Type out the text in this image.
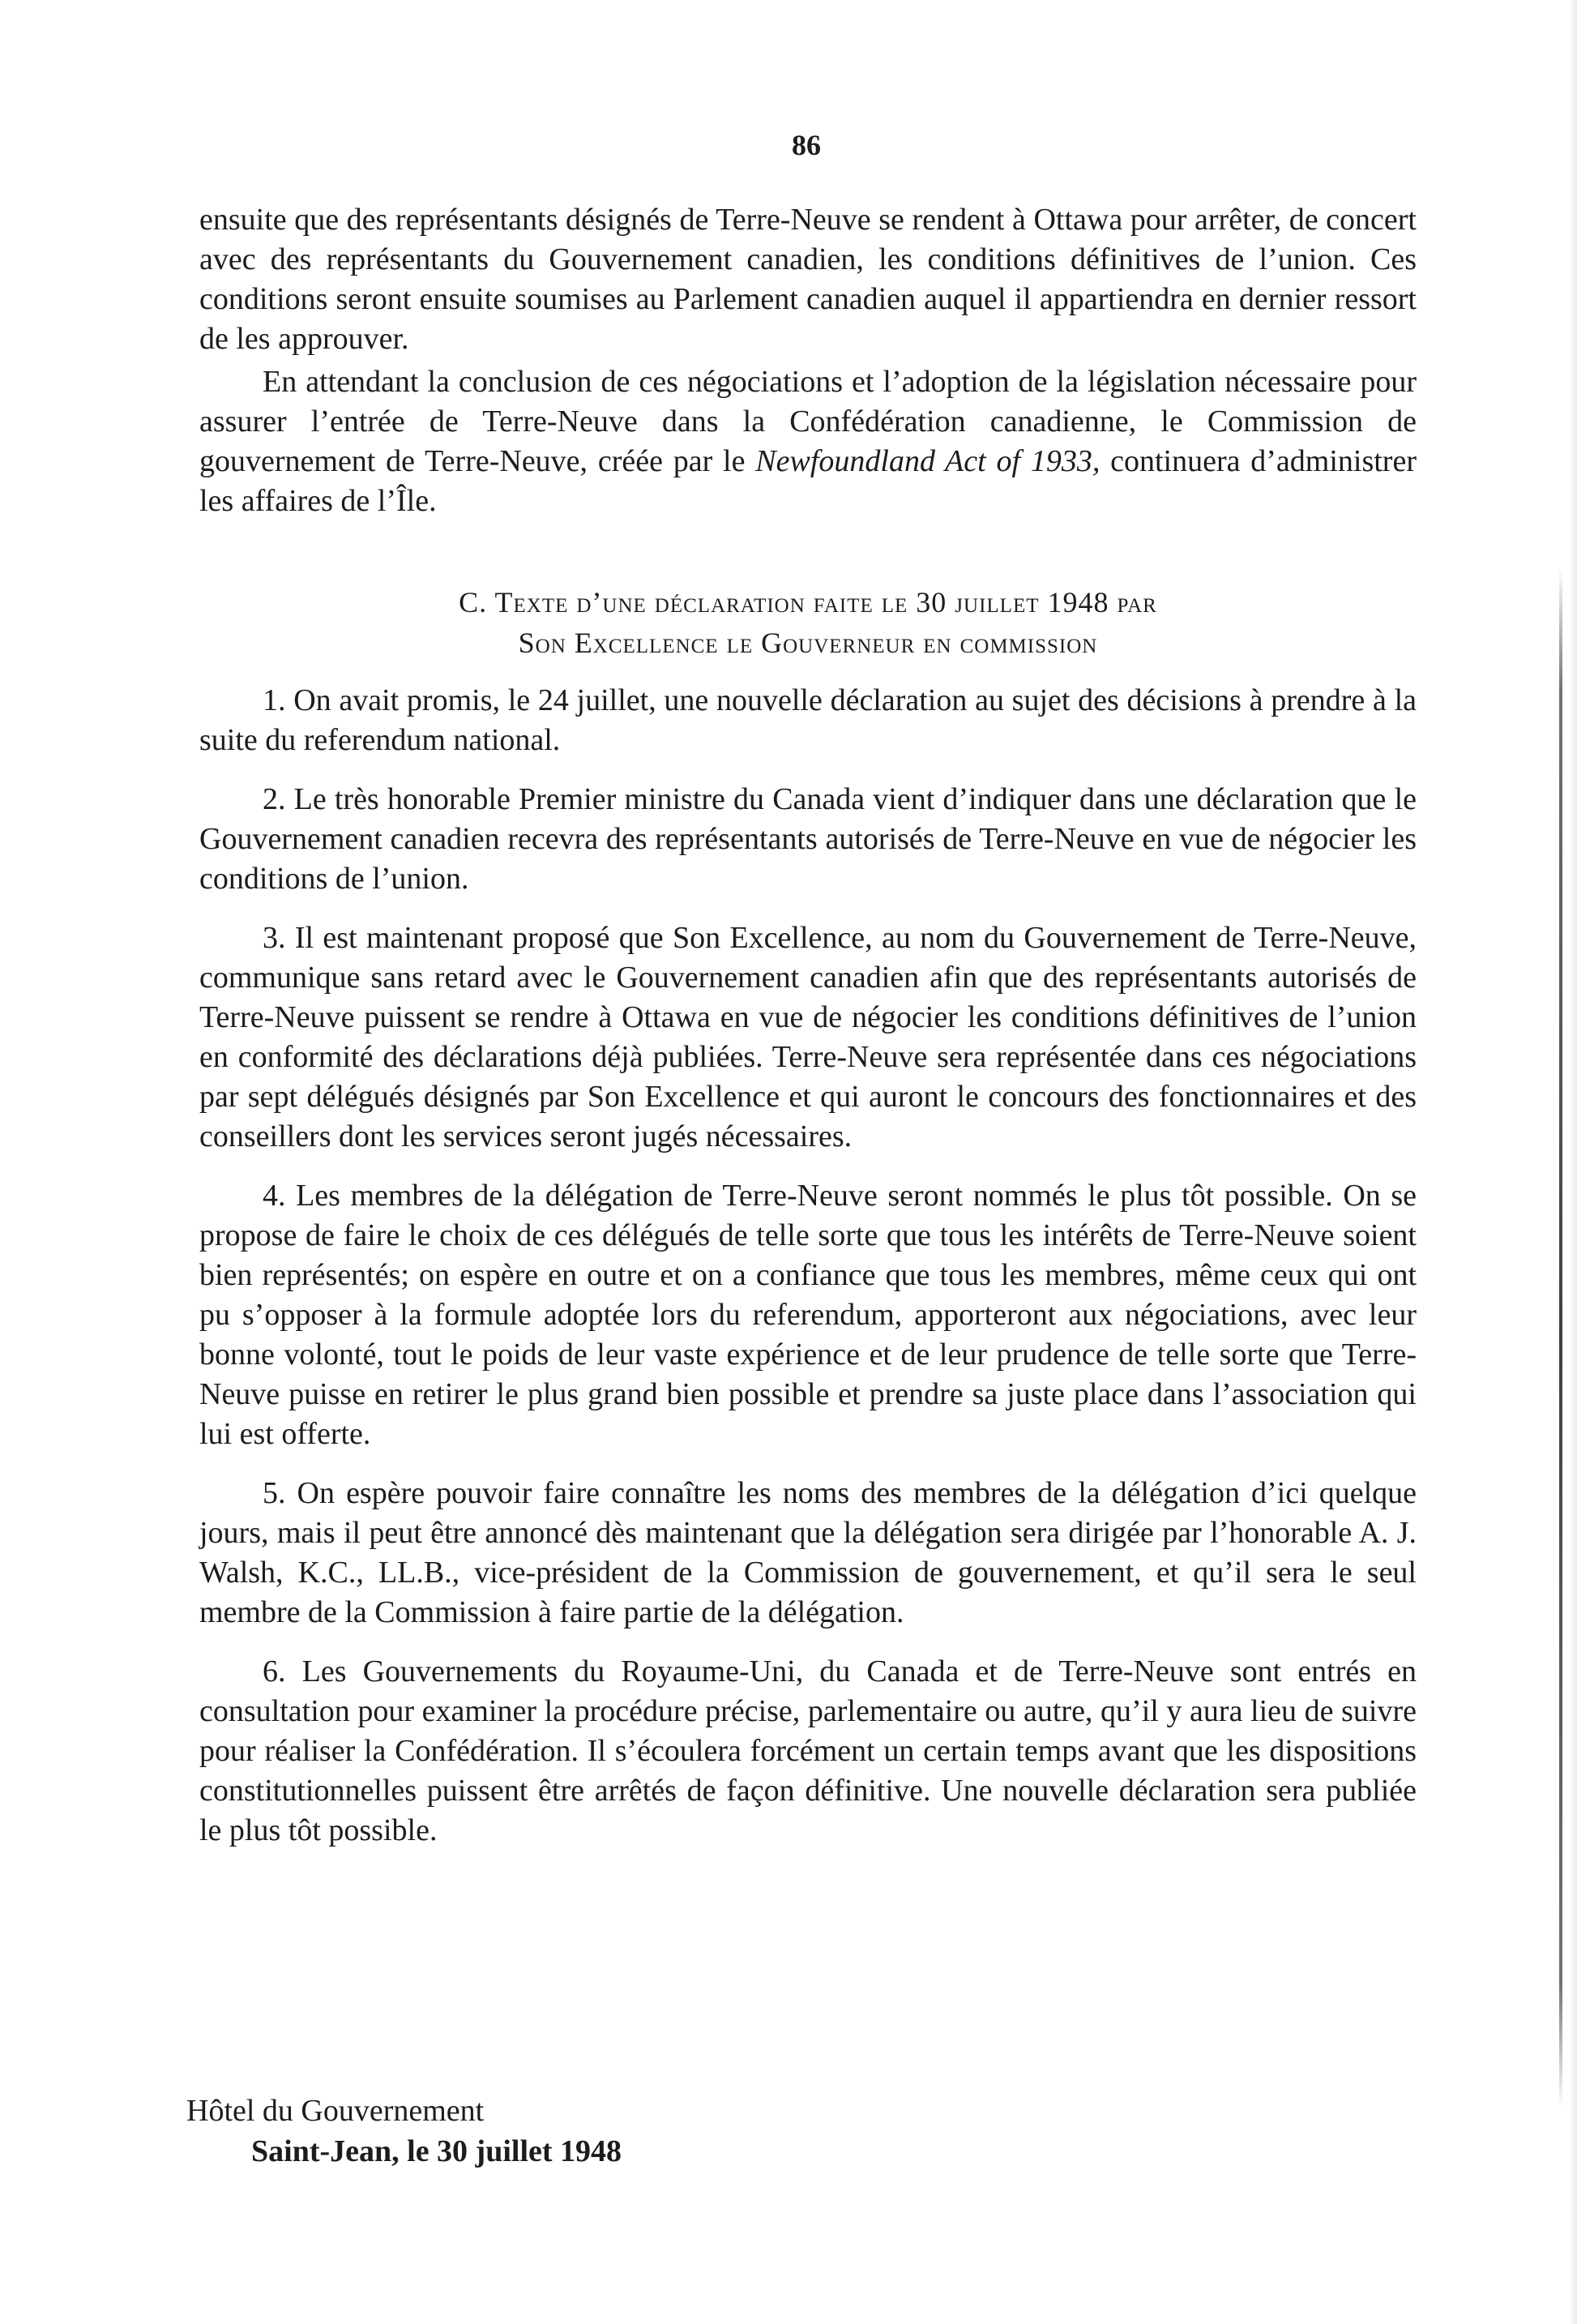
86

ensuite que des représentants désignés de Terre-Neuve se rendent à Ottawa pour arrêter, de concert avec des représentants du Gouvernement canadien, les conditions définitives de l’union. Ces conditions seront ensuite soumises au Parlement canadien auquel il appartiendra en dernier ressort de les approuver.

En attendant la conclusion de ces négociations et l’adoption de la législation nécessaire pour assurer l’entrée de Terre-Neuve dans la Confédération canadienne, le Commission de gouvernement de Terre-Neuve, créée par le Newfoundland Act of 1933, continuera d’administrer les affaires de l’Île.

C. Texte d’une déclaration faite le 30 juillet 1948 par
Son Excellence le Gouverneur en commission

1. On avait promis, le 24 juillet, une nouvelle déclaration au sujet des décisions à prendre à la suite du referendum national.

2. Le très honorable Premier ministre du Canada vient d’indiquer dans une déclaration que le Gouvernement canadien recevra des représentants autorisés de Terre-Neuve en vue de négocier les conditions de l’union.

3. Il est maintenant proposé que Son Excellence, au nom du Gouvernement de Terre-Neuve, communique sans retard avec le Gouvernement canadien afin que des représentants autorisés de Terre-Neuve puissent se rendre à Ottawa en vue de négocier les conditions définitives de l’union en conformité des déclarations déjà publiées. Terre-Neuve sera représentée dans ces négociations par sept délégués désignés par Son Excellence et qui auront le concours des fonctionnaires et des conseillers dont les services seront jugés nécessaires.

4. Les membres de la délégation de Terre-Neuve seront nommés le plus tôt possible. On se propose de faire le choix de ces délégués de telle sorte que tous les intérêts de Terre-Neuve soient bien représentés; on espère en outre et on a confiance que tous les membres, même ceux qui ont pu s’opposer à la formule adoptée lors du referendum, apporteront aux négociations, avec leur bonne volonté, tout le poids de leur vaste expérience et de leur prudence de telle sorte que Terre-Neuve puisse en retirer le plus grand bien possible et prendre sa juste place dans l’association qui lui est offerte.

5. On espère pouvoir faire connaître les noms des membres de la délégation d’ici quelque jours, mais il peut être annoncé dès maintenant que la délégation sera dirigée par l’honorable A. J. Walsh, K.C., LL.B., vice-président de la Commission de gouvernement, et qu’il sera le seul membre de la Commission à faire partie de la délégation.

6. Les Gouvernements du Royaume-Uni, du Canada et de Terre-Neuve sont entrés en consultation pour examiner la procédure précise, parlementaire ou autre, qu’il y aura lieu de suivre pour réaliser la Confédération. Il s’écoulera forcément un certain temps avant que les dispositions constitutionnelles puissent être arrêtés de façon définitive. Une nouvelle déclaration sera publiée le plus tôt possible.

Hôtel du Gouvernement
Saint-Jean, le 30 juillet 1948
